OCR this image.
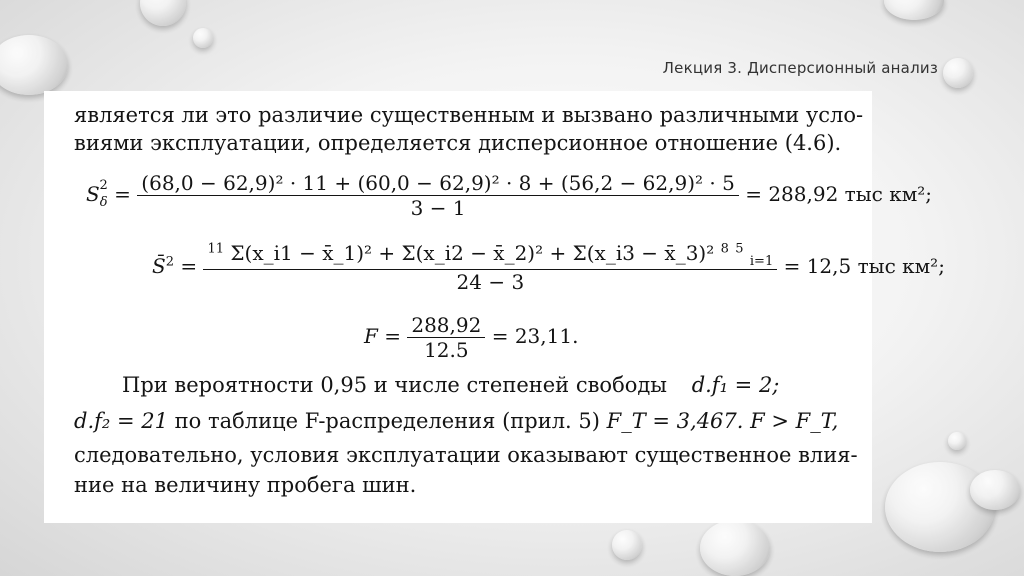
Лекция 3. Дисперсионный анализ
является ли это различие существенным и вызвано различными усло-
виями эксплуатации, определяется дисперсионное отношение (4.6).
$S_\delta^2 = (68,0 - 62,9)^2 \cdot 11 + (60,0 - 62,9)^2 \cdot 8 + (56,2 - 62,9)^2 \cdot 5$
3 − 1
= 288,92 тыс км²;
S̄$^2$ =
$^{11}$ Σ(x_i1 − x̄_1)² + Σ(x_i2 − x̄_2)² + Σ(x_i3 − x̄_3)² $^8$ $^5$ $_{i=1}$
24 − 3
= 12,5 тыс км²;
$F = \frac{288,92}{12.5} = 23,11$.
При вероятности 0,95 и числе степеней свободы d.f₁ = 2;
d.f₂ = 21 по таблице F-распределения (прил. 5) F_T = 3,467. F > F_T,
следовательно, условия эксплуатации оказывают существенное влия-
ние на величину пробега шин.
